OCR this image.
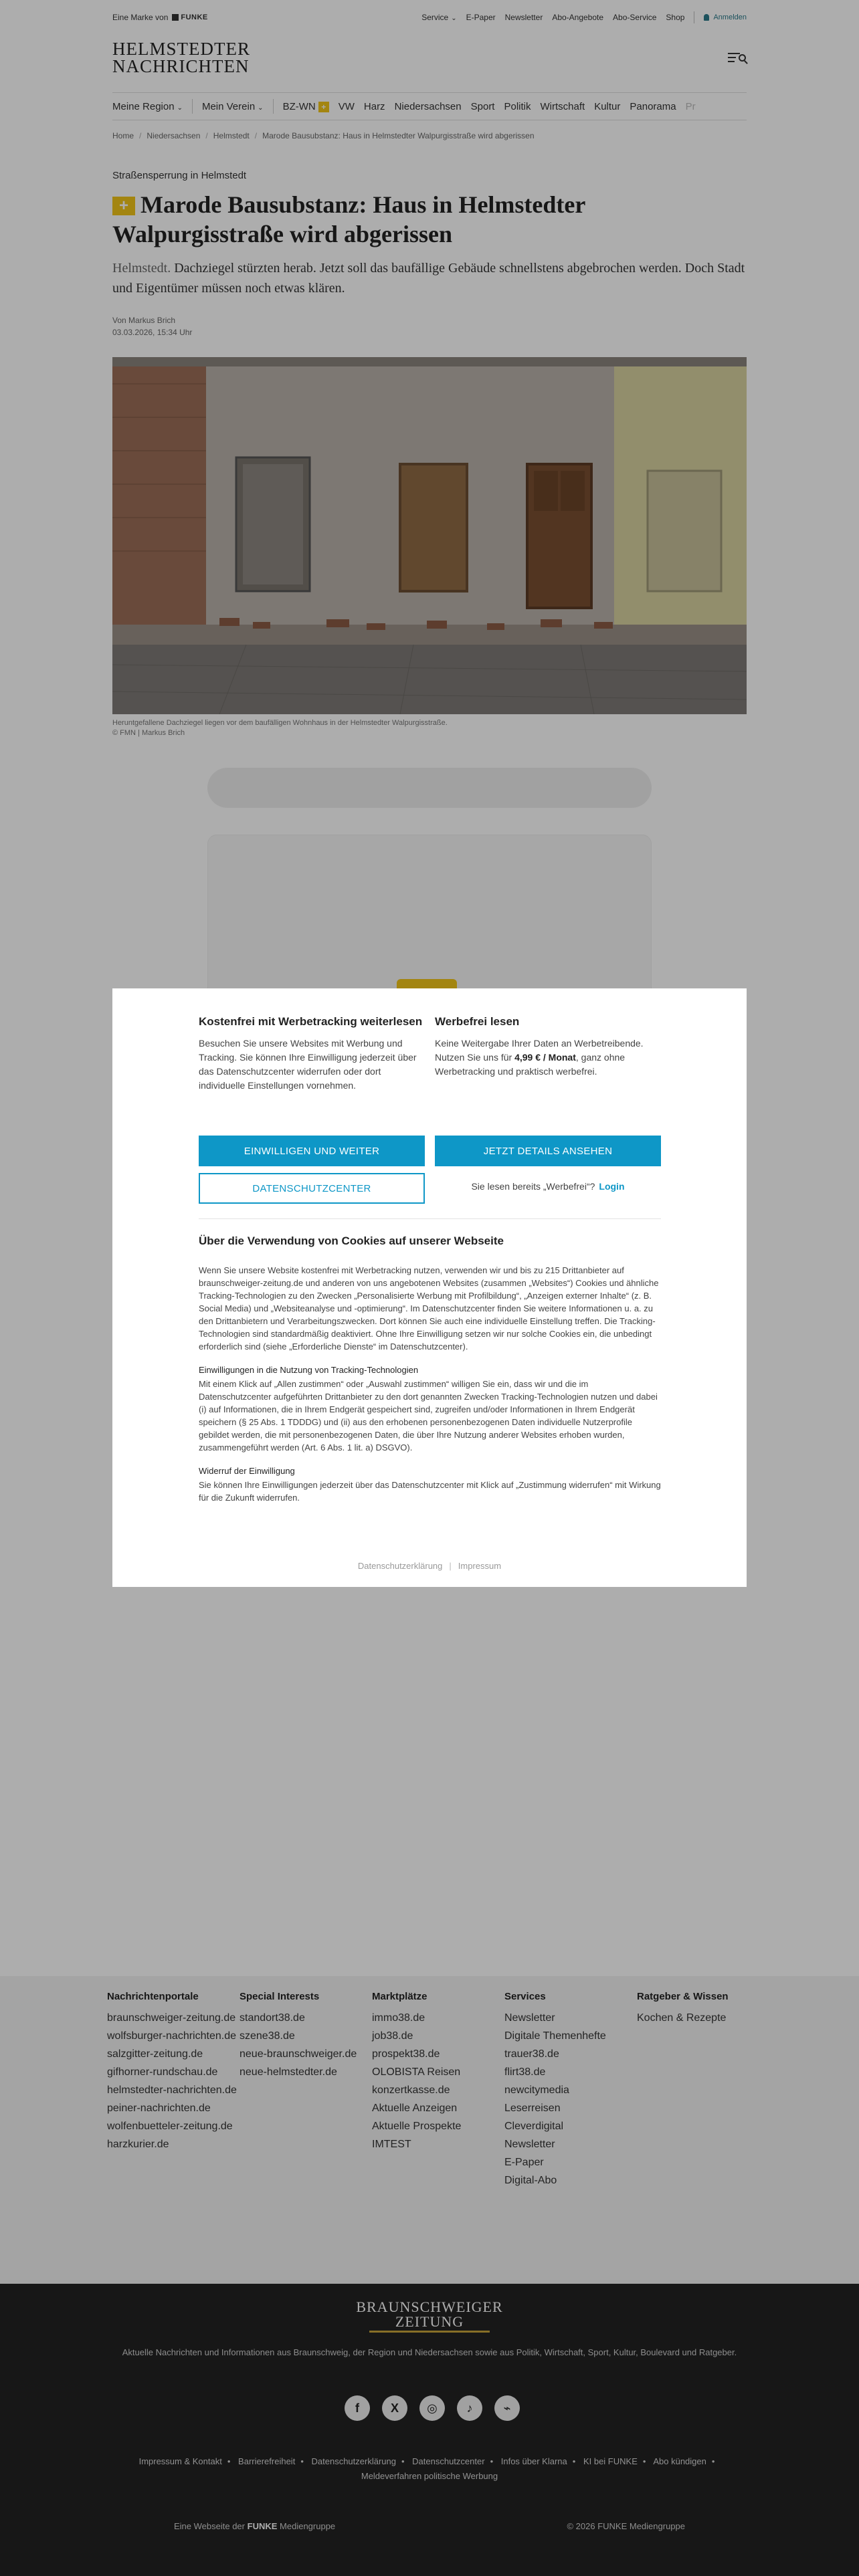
Eine Marke von FUNKE	Service ⌄ E-Paper Newsletter Abo-Angebote Abo-Service Shop	Anmelden
HELMSTEDTER
NACHRICHTEN
Meine Region ⌄ Mein Verein ⌄ BZ-WN +	VW Harz Niedersachsen Sport Politik Wirtschaft Kultur Panorama Pr
Home / Niedersachsen / Helmstedt / Marode Bausubstanz: Haus in Helmstedter Walpurgisstraße wird abgerissen
Straßensperrung in Helmstedt
+ Marode Bausubstanz: Haus in Helmstedter Walpurgisstraße wird abgerissen
Helmstedt. Dachziegel stürzten herab. Jetzt soll das baufällige Gebäude schnellstens abgebrochen werden. Doch Stadt und Eigentümer müssen noch etwas klären.
Von Markus Brich
03.03.2026, 15:34 Uhr
Heruntgefallene Dachziegel liegen vor dem baufälligen Wohnhaus in der Helmstedter Walpurgisstraße.
© FMN | Markus Brich
Nachrichtenportale
braunschweiger-zeitung.de
wolfsburger-nachrichten.de
salzgitter-zeitung.de
gifhorner-rundschau.de
helmstedter-nachrichten.de
peiner-nachrichten.de
wolfenbuetteler-zeitung.de
harzkurier.de
Special Interests
standort38.de
szene38.de
neue-braunschweiger.de
neue-helmstedter.de
Marktplätze
immo38.de
job38.de
prospekt38.de
OLOBISTA Reisen
konzertkasse.de
Aktuelle Anzeigen
Aktuelle Prospekte
IMTEST
Services
Newsletter
Digitale Themenhefte
trauer38.de
flirt38.de
newcitymedia
Leserreisen
Cleverdigital
Newsletter
E-Paper
Digital-Abo
Ratgeber & Wissen
Kochen & Rezepte
BRAUNSCHWEIGER
ZEITUNG
Aktuelle Nachrichten und Informationen aus Braunschweig, der Region und Niedersachsen sowie aus Politik, Wirtschaft, Sport, Kultur, Boulevard und Ratgeber.
f	X	◎	♪	⌁
Impressum & Kontakt • Barrierefreiheit • Datenschutzerklärung • Datenschutzcenter • Infos über Klarna • KI bei FUNKE • Abo kündigen •
Meldeverfahren politische Werbung
Eine Webseite der FUNKE Mediengruppe	© 2026 FUNKE Mediengruppe
Kostenfrei mit Werbetracking weiterlesen
Besuchen Sie unsere Websites mit Werbung und Tracking. Sie können Ihre Einwilligung jederzeit über das Datenschutzcenter widerrufen oder dort individuelle Einstellungen vornehmen.
Werbefrei lesen
Keine Weitergabe Ihrer Daten an Werbetreibende. Nutzen Sie uns für 4,99 € / Monat, ganz ohne Werbetracking und praktisch werbefrei.
EINWILLIGEN UND WEITER	JETZT DETAILS ANSEHEN
DATENSCHUTZCENTER	Sie lesen bereits „Werbefrei“? Login
Über die Verwendung von Cookies auf unserer Webseite

Wenn Sie unsere Website kostenfrei mit Werbetracking nutzen, verwenden wir und bis zu 215 Drittanbieter auf braunschweiger-zeitung.de und anderen von uns angebotenen Websites (zusammen „Websites“) Cookies und ähnliche Tracking-Technologien zu den Zwecken „Personalisierte Werbung mit Profilbildung“, „Anzeigen externer Inhalte“ (z. B. Social Media) und „Websiteanalyse und -optimierung“. Im Datenschutzcenter finden Sie weitere Informationen u. a. zu den Drittanbietern und Verarbeitungszwecken. Dort können Sie auch eine individuelle Einstellung treffen. Die Tracking-Technologien sind standardmäßig deaktiviert. Ohne Ihre Einwilligung setzen wir nur solche Cookies ein, die unbedingt erforderlich sind (siehe „Erforderliche Dienste“ im Datenschutzcenter).

Einwilligungen in die Nutzung von Tracking-Technologien

Mit einem Klick auf „Allen zustimmen“ oder „Auswahl zustimmen“ willigen Sie ein, dass wir und die im Datenschutzcenter aufgeführten Drittanbieter zu den dort genannten Zwecken Tracking-Technologien nutzen und dabei (i) auf Informationen, die in Ihrem Endgerät gespeichert sind, zugreifen und/oder Informationen in Ihrem Endgerät speichern (§ 25 Abs. 1 TDDDG) und (ii) aus den erhobenen personenbezogenen Daten individuelle Nutzerprofile gebildet werden, die mit personenbezogenen Daten, die über Ihre Nutzung anderer Websites erhoben wurden, zusammengeführt werden (Art. 6 Abs. 1 lit. a) DSGVO).

Widerruf der Einwilligung

Sie können Ihre Einwilligungen jederzeit über das Datenschutzcenter mit Klick auf „Zustimmung widerrufen“ mit Wirkung für die Zukunft widerrufen.

Datenschutzerklärung | Impressum
